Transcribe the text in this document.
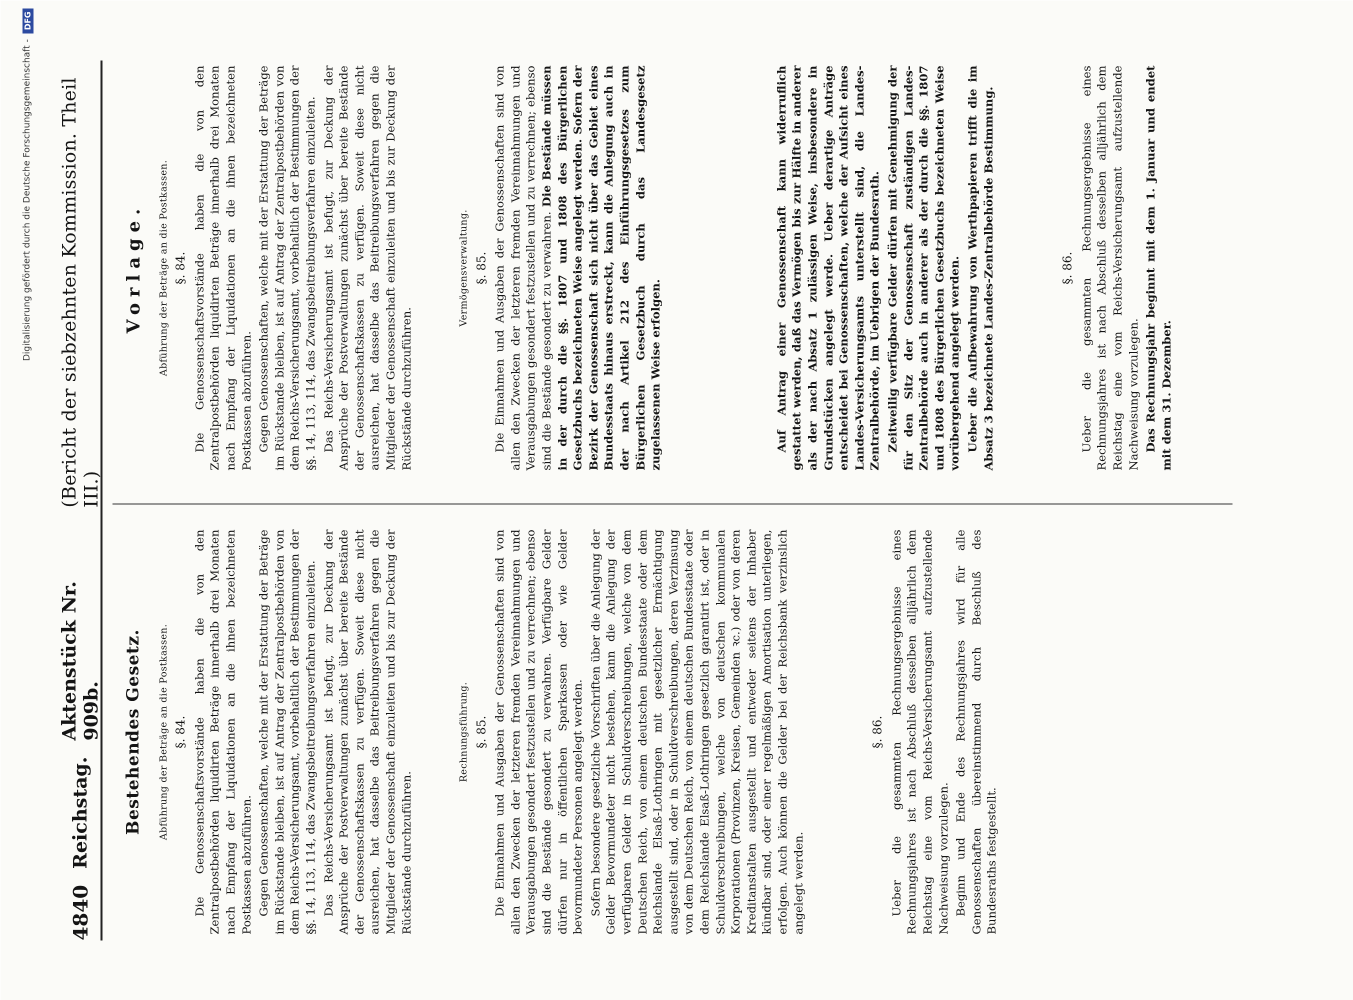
Digitalisierung gefördert durch die Deutsche Forschungsgemeinschaft -
DFG
4840
Reichstag.
Aktenstück Nr. 909b.
(Bericht der siebzehnten Kommission. Theil III.)
Bestehendes Gesetz. Abführung der Beträge an die Postkassen. §. 84. Die Genossenschaftsvorstände haben die von den Zentralpostbehörden liquidirten Beträge innerhalb drei Monaten nach Empfang der Liquidationen an die ihnen bezeichneten Postkassen abzuführen. Gegen Genossenschaften, welche mit der Erstattung der Beträge im Rückstande bleiben, ist auf Antrag der Zentralpostbehörden von dem Reichs-Versicherungsamt, vorbehaltlich der Bestimmungen der §§. 14, 113, 114, das Zwangsbeitreibungsverfahren einzuleiten. Das Reichs-Versicherungsamt ist befugt, zur Deckung der Ansprüche der Postverwaltungen zunächst über bereite Bestände der Genossenschaftskassen zu verfügen. Soweit diese nicht ausreichen, hat dasselbe das Beitreibungsverfahren gegen die Mitglieder der Genossenschaft einzuleiten und bis zur Deckung der Rückstände durchzuführen.

Rechnungsführung. §. 85. Die Einnahmen und Ausgaben der Genossenschaften sind von allen den Zwecken der letzteren fremden Vereinnahmungen und Verausgabungen gesondert festzustellen und zu verrechnen; ebenso sind die Bestände gesondert zu verwahren. Verfügbare Gelder dürfen nur in öffentlichen Sparkassen oder wie Gelder bevormundeter Personen angelegt werden. Sofern besondere gesetzliche Vorschriften über die Anlegung der Gelder Bevormundeter nicht bestehen, kann die Anlegung der verfügbaren Gelder in Schuldverschreibungen, welche von dem Deutschen Reich, von einem deutschen Bundesstaate oder dem Reichslande Elsaß-Lothringen mit gesetzlicher Ermächtigung ausgestellt sind, oder in Schuldverschreibungen, deren Verzinsung von dem Deutschen Reich, von einem deutschen Bundesstaate oder dem Reichslande Elsaß-Lothringen gesetzlich garantirt ist, oder in Schuldverschreibungen, welche von deutschen kommunalen Korporationen (Provinzen, Kreisen, Gemeinden ꝛc.) oder von deren Kreditanstalten ausgestellt und entweder seitens der Inhaber kündbar sind, oder einer regelmäßigen Amortisation unterliegen, erfolgen. Auch können die Gelder bei der Reichsbank verzinslich angelegt werden.

§. 86. Ueber die gesammten Rechnungsergebnisse eines Rechnungsjahres ist nach Abschluß desselben alljährlich dem Reichstag eine vom Reichs-Versicherungsamt aufzustellende Nachweisung vorzulegen. Beginn und Ende des Rechnungsjahres wird für alle Genossenschaften übereinstimmend durch Beschluß des Bundesraths festgestellt.

Vorlage. Abführung der Beträge an die Postkassen. §. 84. Die Genossenschaftsvorstände haben die von den Zentralpostbehörden liquidirten Beträge innerhalb drei Monaten nach Empfang der Liquidationen an die ihnen bezeichneten Postkassen abzuführen. Gegen Genossenschaften, welche mit der Erstattung der Beträge im Rückstande bleiben, ist auf Antrag der Zentralpostbehörden von dem Reichs-Versicherungsamt, vorbehaltlich der Bestimmungen der §§. 14, 113, 114, das Zwangsbeitreibungsverfahren einzuleiten. Das Reichs-Versicherungsamt ist befugt, zur Deckung der Ansprüche der Postverwaltungen zunächst über bereite Bestände der Genossenschaftskassen zu verfügen. Soweit diese nicht ausreichen, hat dasselbe das Beitreibungsverfahren gegen die Mitglieder der Genossenschaft einzuleiten und bis zur Deckung der Rückstände durchzuführen.

Vermögensverwaltung. §. 85. Die Einnahmen und Ausgaben der Genossenschaften sind von allen den Zwecken der letzteren fremden Vereinnahmungen und Verausgabungen gesondert festzustellen und zu verrechnen; ebenso sind die Bestände gesondert zu verwahren. Die Bestände müssen in der durch die §§. 1807 und 1808 des Bürgerlichen Gesetzbuchs bezeichneten Weise angelegt werden. Sofern der Bezirk der Genossenschaft sich nicht über das Gebiet eines Bundesstaats hinaus erstreckt, kann die Anlegung auch in der nach Artikel 212 des Einführungsgesetzes zum Bürgerlichen Gesetzbuch durch das Landesgesetz zugelassenen Weise erfolgen.	Auf Antrag einer Genossenschaft kann widerruflich gestattet werden, daß das Vermögen bis zur Hälfte in anderer als der nach Absatz 1 zulässigen Weise, insbesondere in Grundstücken angelegt werde. Ueber derartige Anträge entscheidet bei Genossenschaften, welche der Aufsicht eines Landes-Versicherungsamts unterstellt sind, die Landes-Zentralbehörde, im Uebrigen der Bundesrath. Zeitweilig verfügbare Gelder dürfen mit Genehmigung der für den Sitz der Genossenschaft zuständigen Landes-Zentralbehörde auch in anderer als der durch die §§. 1807 und 1808 des Bürgerlichen Gesetzbuchs bezeichneten Weise vorübergehend angelegt werden. Ueber die Aufbewahrung von Werthpapieren trifft die im Absatz 3 bezeichnete Landes-Zentralbehörde Bestimmung.	§. 86. Ueber die gesammten Rechnungsergebnisse eines Rechnungsjahres ist nach Abschluß desselben alljährlich dem Reichstag eine vom Reichs-Versicherungsamt aufzustellende Nachweisung vorzulegen. Das Rechnungsjahr beginnt mit dem 1. Januar und endet mit dem 31. Dezember.
